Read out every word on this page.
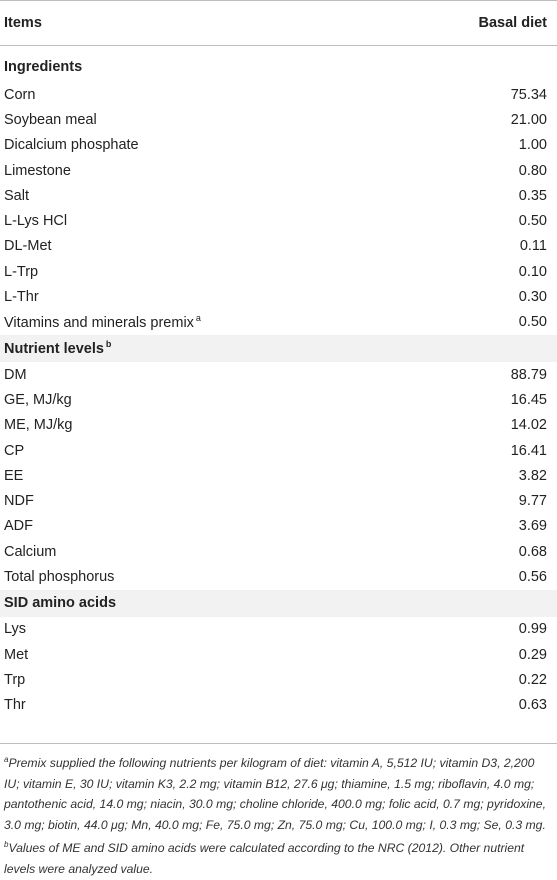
Items	Basal diet
Ingredients	
Corn	75.34
Soybean meal	21.00
Dicalcium phosphate	1.00
Limestone	0.80
Salt	0.35
L-Lys HCl	0.50
DL-Met	0.11
L-Trp	0.10
L-Thr	0.30
Vitamins and minerals premix $^a$	0.50
Nutrient levels $^b$
DM	88.79
GE, MJ/kg	16.45
ME, MJ/kg	14.02
CP	16.41
EE	3.82
NDF	9.77
ADF	3.69
Calcium	0.68
Total phosphorus	0.56
SID amino acids	
Lys	0.99
Met	0.29
Trp	0.22
Thr	0.63
$^a$Premix supplied the following nutrients per kilogram of diet: vitamin A, 5,512 IU; vitamin D3, 2,200 IU; vitamin E, 30 IU; vitamin K3, 2.2 mg; vitamin B12, 27.6 μg; thiamine, 1.5 mg; riboflavin, 4.0 mg; pantothenic acid, 14.0 mg; niacin, 30.0 mg; choline chloride, 400.0 mg; folic acid, 0.7 mg; pyridoxine, 3.0 mg; biotin, 44.0 μg; Mn, 40.0 mg; Fe, 75.0 mg; Zn, 75.0 mg; Cu, 100.0 mg; I, 0.3 mg; Se, 0.3 mg. $^b$Values of ME and SID amino acids were calculated according to the NRC (2012). Other nutrient levels were analyzed value.
